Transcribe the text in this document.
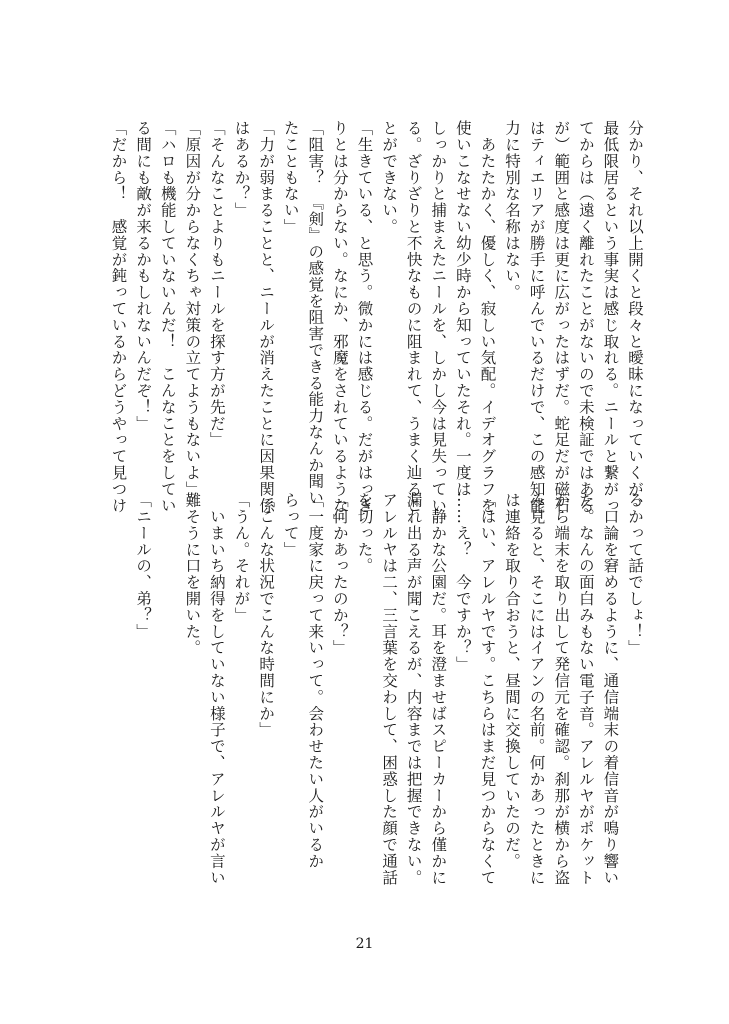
分かり、それ以上開くと段々と曖昧になっていくが、
最低限居るという事実は感じ取れる。ニールと繋がっ
てからは（遠く離れたことがないので未検証ではある
が）範囲と感度は更に広がったはずだ。蛇足だが磁石
はティエリアが勝手に呼んでいるだけで、この感知能
力に特別な名称はない。
　あたたかく、優しく、寂しい気配。イデオグラフを
使いこなせない幼少時から知っていたそれ。一度は
しっかりと捕まえたニールを、しかし今は見失ってい
る。ざりざりと不快なものに阻まれて、うまく辿るこ
とができない。
「生きている、と思う。微かには感じる。だがはっき
りとは分からない。なにか、邪魔をされているような」
「阻害？　『剣』の感覚を阻害できる能力なんか聞い
たこともない」
「力が弱まることと、ニールが消えたことに因果関係
はあるか？」
「そんなことよりもニールを探す方が先だ」
「原因が分からなくちゃ対策の立てようもないよ」
「ハロも機能していないんだ！　こんなことをしてい
る間にも敵が来るかもしれないんだぞ！」
「だから！　感覚が鈍っているからどうやって見つけ
るかって話でしょ！」
　口論を窘めるように、通信端末の着信音が鳴り響い
た。なんの面白みもない電子音。アレルヤがポケット
から端末を取り出して発信元を確認。刹那が横から盗
み見ると、そこにはイアンの名前。何かあったときに
は連絡を取り合おうと、昼間に交換していたのだ。
「はい、アレルヤです。こちらはまだ見つからなくて
……え？　今ですか？」
　静かな公園だ。耳を澄ませばスピーカーから僅かに
漏れ出る声が聞こえるが、内容までは把握できない。
アレルヤは二、三言葉を交わして、困惑した顔で通話
を切った。
「何かあったのか？」
「一度家に戻って来いって。会わせたい人がいるか
らって」
「こんな状況でこんな時間にか」
「うん。それが」
　いまいち納得をしていない様子で、アレルヤが言い
難そうに口を開いた。

「ニールの、弟？」
21
